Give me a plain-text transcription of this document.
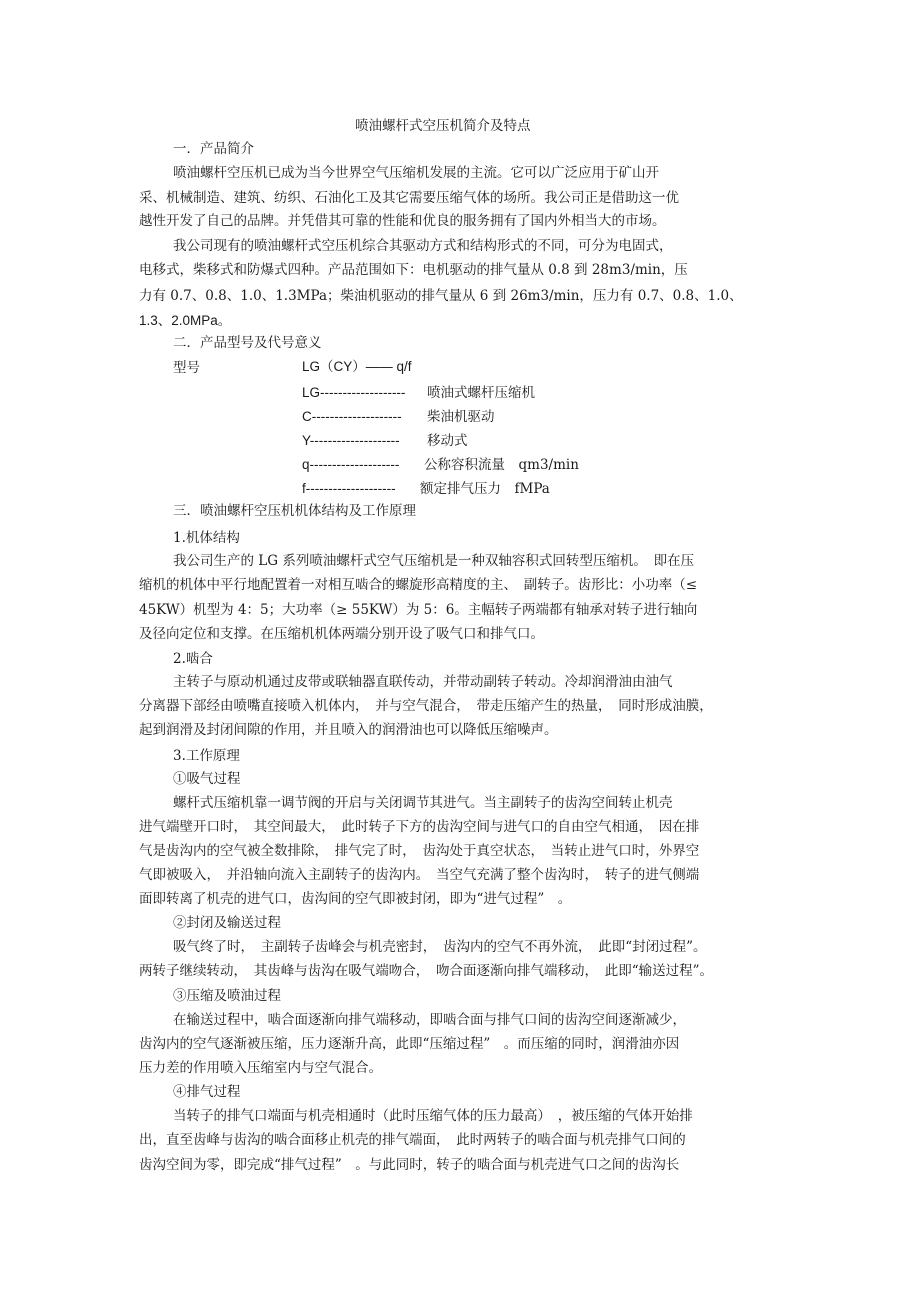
喷油螺杆式空压机简介及特点
一．产品简介
喷油螺杆空压机已成为当今世界空气压缩机发展的主流。它可以广泛应用于矿山开
采、机械制造、建筑、纺织、石油化工及其它需要压缩气体的场所。我公司正是借助这一优
越性开发了自己的品牌。并凭借其可靠的性能和优良的服务拥有了国内外相当大的市场。
我公司现有的喷油螺杆式空压机综合其驱动方式和结构形式的不同，可分为电固式，
电移式，柴移式和防爆式四种。产品范围如下：电机驱动的排气量从 0.8 到 28m3/min，压
力有 0.7、0.8、1.0、1.3MPa；柴油机驱动的排气量从 6 到 26m3/min，压力有 0.7、0.8、1.0、
1.3、2.0MPa。
二．产品型号及代号意义
型号	LG（CY）—— q/f
LG------------------- 喷油式螺杆压缩机
C-------------------- 柴油机驱动
Y-------------------- 移动式
q-------------------- 公称容积流量　qm3/min
f-------------------- 额定排气压力　fMPa
三．喷油螺杆空压机机体结构及工作原理
1.机体结构
我公司生产的 LG 系列喷油螺杆式空气压缩机是一种双轴容积式回转型压缩机。　即在压
缩机的机体中平行地配置着一对相互啮合的螺旋形高精度的主、　副转子。齿形比：小功率（≤
45KW）机型为 4：5；大功率（≥ 55KW）为 5：6。主幅转子两端都有轴承对转子进行轴向
及径向定位和支撑。在压缩机机体两端分别开设了吸气口和排气口。
2.啮合
主转子与原动机通过皮带或联轴器直联传动，并带动副转子转动。冷却润滑油由油气
分离器下部经由喷嘴直接喷入机体内，　并与空气混合，　带走压缩产生的热量，　同时形成油膜，
起到润滑及封闭间隙的作用，并且喷入的润滑油也可以降低压缩噪声。
3.工作原理
①吸气过程
螺杆式压缩机靠一调节阀的开启与关闭调节其进气。当主副转子的齿沟空间转止机壳
进气端壁开口时，　其空间最大，　此时转子下方的齿沟空间与进气口的自由空气相通，　因在排
气是齿沟内的空气被全数排除，　排气完了时，　齿沟处于真空状态，　当转止进气口时，外界空
气即被吸入，　并沿轴向流入主副转子的齿沟内。　当空气充满了整个齿沟时，　转子的进气侧端
面即转离了机壳的进气口，齿沟间的空气即被封闭，即为“进气过程”　。
②封闭及输送过程
吸气终了时，　主副转子齿峰会与机壳密封，　齿沟内的空气不再外流，　此即“封闭过程”。
两转子继续转动，　其齿峰与齿沟在吸气端吻合，　吻合面逐渐向排气端移动，　此即“输送过程”。
③压缩及喷油过程
在输送过程中，啮合面逐渐向排气端移动，即啮合面与排气口间的齿沟空间逐渐减少，
齿沟内的空气逐渐被压缩，压力逐渐升高，此即“压缩过程”　。而压缩的同时，润滑油亦因
压力差的作用喷入压缩室内与空气混合。
④排气过程
当转子的排气口端面与机壳相通时（此时压缩气体的压力最高）　，被压缩的气体开始排
出，直至齿峰与齿沟的啮合面移止机壳的排气端面，　此时两转子的啮合面与机壳排气口间的
齿沟空间为零，即完成“排气过程”　。与此同时，转子的啮合面与机壳进气口之间的齿沟长
